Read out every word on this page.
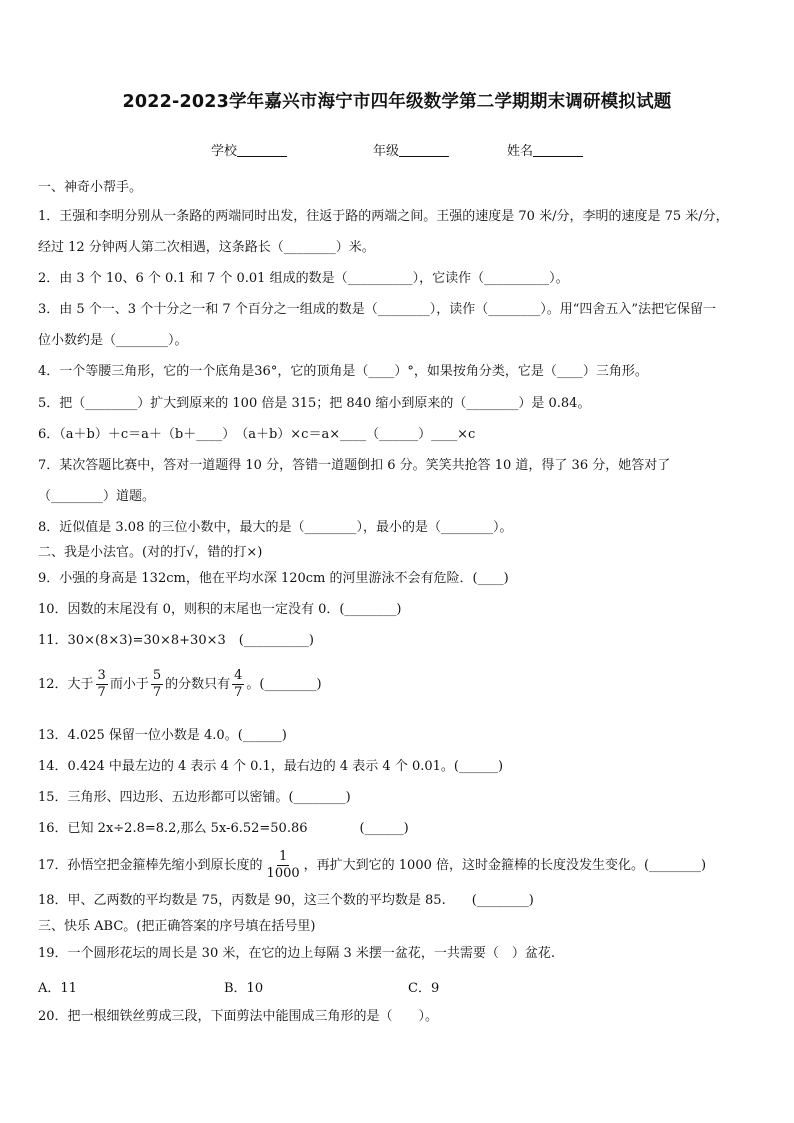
2022-2023学年嘉兴市海宁市四年级数学第二学期期末调研模拟试题
学校	年级	姓名
一、神奇小帮手。
1．王强和李明分别从一条路的两端同时出发，往返于路的两端之间。王强的速度是 70 米/分，李明的速度是 75 米/分，
经过 12 分钟两人第二次相遇，这条路长（________）米。
2．由 3 个 10、6 个 0.1 和 7 个 0.01 组成的数是（__________），它读作（__________）。
3．由 5 个一、3 个十分之一和 7 个百分之一组成的数是（________），读作（________）。用“四舍五入”法把它保留一
位小数约是（________）。
4．一个等腰三角形，它的一个底角是36°，它的顶角是（____）°，如果按角分类，它是（____）三角形。
5．把（________）扩大到原来的 100 倍是 315；把 840 缩小到原来的（________）是 0.84。
6．（a＋b）＋c＝a＋（b＋____）　（a＋b）×c＝a×____（______）____×c
7．某次答题比赛中，答对一道题得 10 分，答错一道题倒扣 6 分。笑笑共抢答 10 道，得了 36 分，她答对了
（________）道题。
8．近似值是 3.08 的三位小数中，最大的是（________），最小的是（________）。
二、我是小法官。(对的打√，错的打×)
9．小强的身高是 132cm，他在平均水深 120cm 的河里游泳不会有危险．(____)
10．因数的末尾没有 0，则积的末尾也一定没有 0．(________)
11．30×(8×3)=30×8+30×3　(__________)
12．大于 $\frac{3}{7}$ 而小于 $\frac{5}{7}$ 的分数只有 $\frac{4}{7}$ 。(________)
13．4.025 保留一位小数是 4.0。(______)
14．0.424 中最左边的 4 表示 4 个 0.1，最右边的 4 表示 4 个 0.01。(______)
15．三角形、四边形、五边形都可以密铺。(________)
16．已知 2x÷2.8=8.2,那么 5x-6.52=50.86　　　　(______)
17．孙悟空把金箍棒先缩小到原长度的 $\frac{1}{1000}$ ，再扩大到它的 1000 倍，这时金箍棒的长度没发生变化。(________)
18．甲、乙两数的平均数是 75，丙数是 90，这三个数的平均数是 85.　　(________)
三、快乐 ABC。(把正确答案的序号填在括号里)
19．一个圆形花坛的周长是 30 米，在它的边上每隔 3 米摆一盆花，一共需要（　）盆花.
A．11	B．10	C．9
20．把一根细铁丝剪成三段，下面剪法中能围成三角形的是（　　）。
